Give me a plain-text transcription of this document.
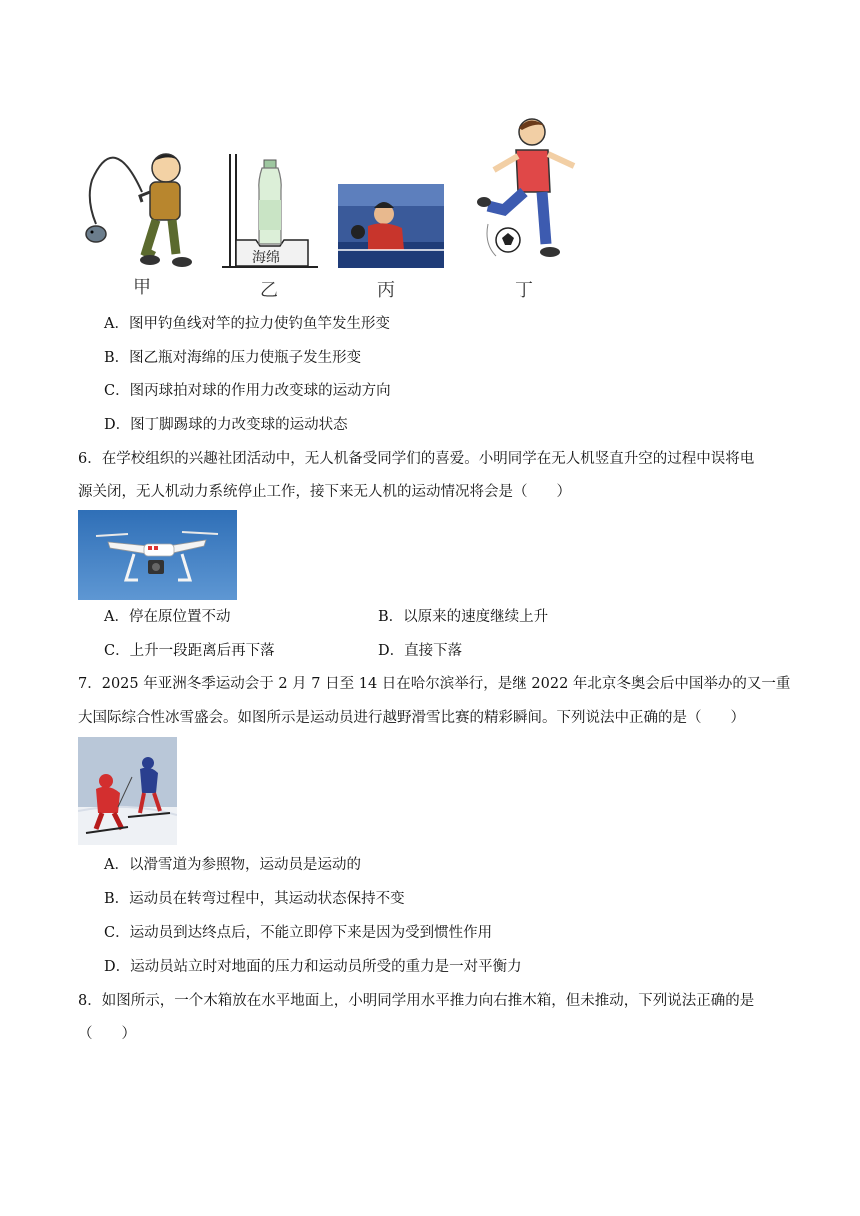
海绵
甲	乙	丙	丁
A．图甲钓鱼线对竿的拉力使钓鱼竿发生形变
B．图乙瓶对海绵的压力使瓶子发生形变
C．图丙球拍对球的作用力改变球的运动方向
D．图丁脚踢球的力改变球的运动状态
6．在学校组织的兴趣社团活动中，无人机备受同学们的喜爱。小明同学在无人机竖直升空的过程中误将电
源关闭，无人机动力系统停止工作，接下来无人机的运动情况将会是（　　）
A．停在原位置不动	B．以原来的速度继续上升
C．上升一段距离后再下落	D．直接下落
7．2025 年亚洲冬季运动会于 2 月 7 日至 14 日在哈尔滨举行，是继 2022 年北京冬奥会后中国举办的又一重
大国际综合性冰雪盛会。如图所示是运动员进行越野滑雪比赛的精彩瞬间。下列说法中正确的是（　　）
A．以滑雪道为参照物，运动员是运动的
B．运动员在转弯过程中，其运动状态保持不变
C．运动员到达终点后，不能立即停下来是因为受到惯性作用
D．运动员站立时对地面的压力和运动员所受的重力是一对平衡力
8．如图所示，一个木箱放在水平地面上，小明同学用水平推力向右推木箱，但未推动，下列说法正确的是
（　　）
